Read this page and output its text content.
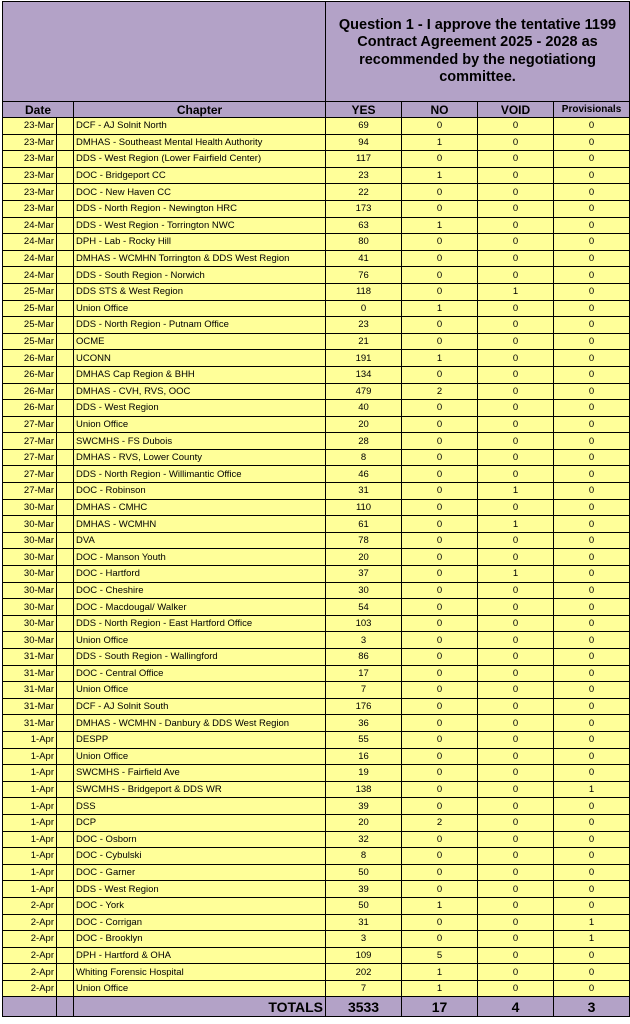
			Question 1 - I approve the tentative 1199 Contract Agreement 2025 - 2028 as recommended by the negotiationg committee.			
Date		Chapter	YES	NO	VOID	Provisionals
23-Mar		DCF - AJ Solnit North	69	0	0	0
23-Mar		DMHAS - Southeast Mental Health Authority	94	1	0	0
23-Mar		DDS - West Region (Lower Fairfield Center)	117	0	0	0
23-Mar		DOC - Bridgeport CC	23	1	0	0
23-Mar		DOC - New Haven CC	22	0	0	0
23-Mar		DDS - North Region - Newington HRC	173	0	0	0
24-Mar		DDS - West Region - Torrington NWC	63	1	0	0
24-Mar		DPH - Lab - Rocky Hill	80	0	0	0
24-Mar		DMHAS - WCMHN Torrington & DDS West Region	41	0	0	0
24-Mar		DDS - South Region - Norwich	76	0	0	0
25-Mar		DDS STS & West Region	118	0	1	0
25-Mar		Union Office	0	1	0	0
25-Mar		DDS - North Region - Putnam Office	23	0	0	0
25-Mar		OCME	21	0	0	0
26-Mar		UCONN	191	1	0	0
26-Mar		DMHAS Cap Region & BHH	134	0	0	0
26-Mar		DMHAS - CVH, RVS, OOC	479	2	0	0
26-Mar		DDS - West Region	40	0	0	0
27-Mar		Union Office	20	0	0	0
27-Mar		SWCMHS - FS Dubois	28	0	0	0
27-Mar		DMHAS - RVS, Lower County	8	0	0	0
27-Mar		DDS - North Region - Willimantic Office	46	0	0	0
27-Mar		DOC - Robinson	31	0	1	0
30-Mar		DMHAS - CMHC	110	0	0	0
30-Mar		DMHAS - WCMHN	61	0	1	0
30-Mar		DVA	78	0	0	0
30-Mar		DOC - Manson Youth	20	0	0	0
30-Mar		DOC - Hartford	37	0	1	0
30-Mar		DOC - Cheshire	30	0	0	0
30-Mar		DOC - Macdougal/ Walker	54	0	0	0
30-Mar		DDS - North Region - East Hartford Office	103	0	0	0
30-Mar		Union Office	3	0	0	0
31-Mar		DDS - South Region - Wallingford	86	0	0	0
31-Mar		DOC - Central Office	17	0	0	0
31-Mar		Union Office	7	0	0	0
31-Mar		DCF - AJ Solnit South	176	0	0	0
31-Mar		DMHAS - WCMHN - Danbury & DDS West Region	36	0	0	0
1-Apr		DESPP	55	0	0	0
1-Apr		Union Office	16	0	0	0
1-Apr		SWCMHS - Fairfield Ave	19	0	0	0
1-Apr		SWCMHS - Bridgeport & DDS WR	138	0	0	1
1-Apr		DSS	39	0	0	0
1-Apr		DCP	20	2	0	0
1-Apr		DOC - Osborn	32	0	0	0
1-Apr		DOC - Cybulski	8	0	0	0
1-Apr		DOC - Garner	50	0	0	0
1-Apr		DDS - West Region	39	0	0	0
2-Apr		DOC - York	50	1	0	0
2-Apr		DOC - Corrigan	31	0	0	1
2-Apr		DOC - Brooklyn	3	0	0	1
2-Apr		DPH - Hartford & OHA	109	5	0	0
2-Apr		Whiting Forensic Hospital	202	1	0	0
2-Apr		Union Office	7	1	0	0
		TOTALS	3533	17	4	3
